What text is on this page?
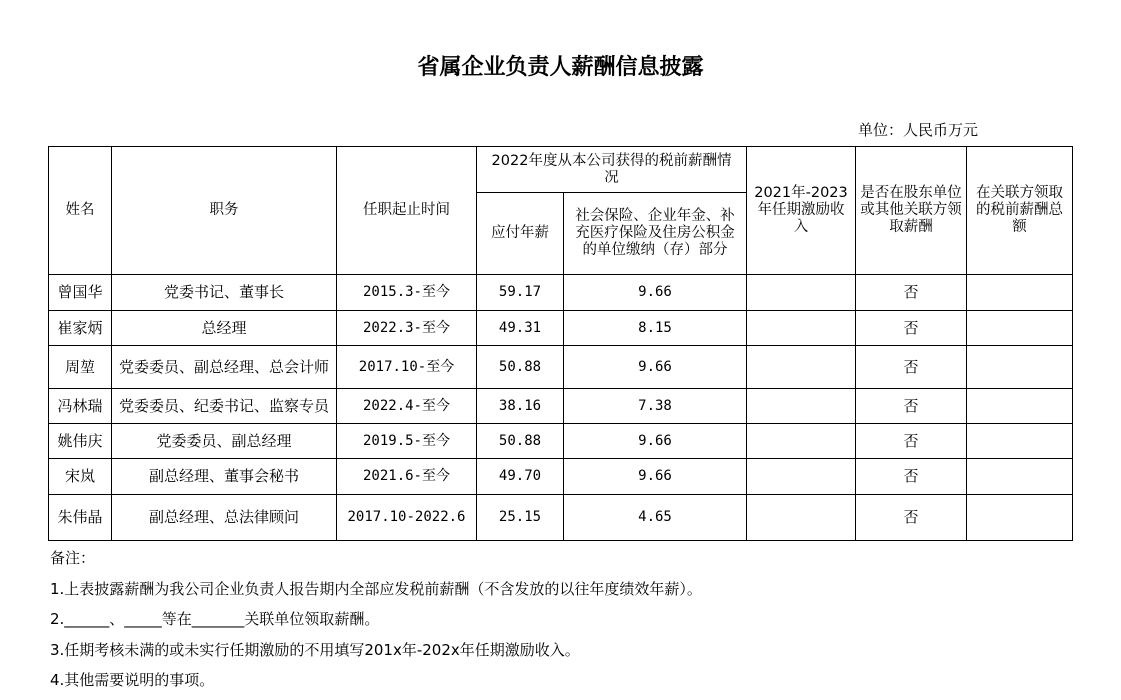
省属企业负责人薪酬信息披露
单位：人民币万元
姓名	职务	任职起止时间	2022年度从本公司获得的税前薪酬情况		2021年-2023年任期激励收入	是否在股东单位或其他关联方领取薪酬	在关联方领取的税前薪酬总额
			应付年薪	社会保险、企业年金、补充医疗保险及住房公积金的单位缴纳（存）部分			
曾国华	党委书记、董事长	2015.3-至今	59.17	9.66		否	
崔家炳	总经理	2022.3-至今	49.31	8.15		否	
周堃	党委委员、副总经理、总会计师	2017.10-至今	50.88	9.66		否	
冯林瑞	党委委员、纪委书记、监察专员	2022.4-至今	38.16	7.38		否	
姚伟庆	党委委员、副总经理	2019.5-至今	50.88	9.66		否	
宋岚	副总经理、董事会秘书	2021.6-至今	49.70	9.66		否	
朱伟晶	副总经理、总法律顾问	2017.10-2022.6	25.15	4.65		否	
备注：
1.上表披露薪酬为我公司企业负责人报告期内全部应发税前薪酬（不含发放的以往年度绩效年薪）。
2.______、_____等在_______关联单位领取薪酬。
3.任期考核未满的或未实行任期激励的不用填写201x年-202x年任期激励收入。
4.其他需要说明的事项。
